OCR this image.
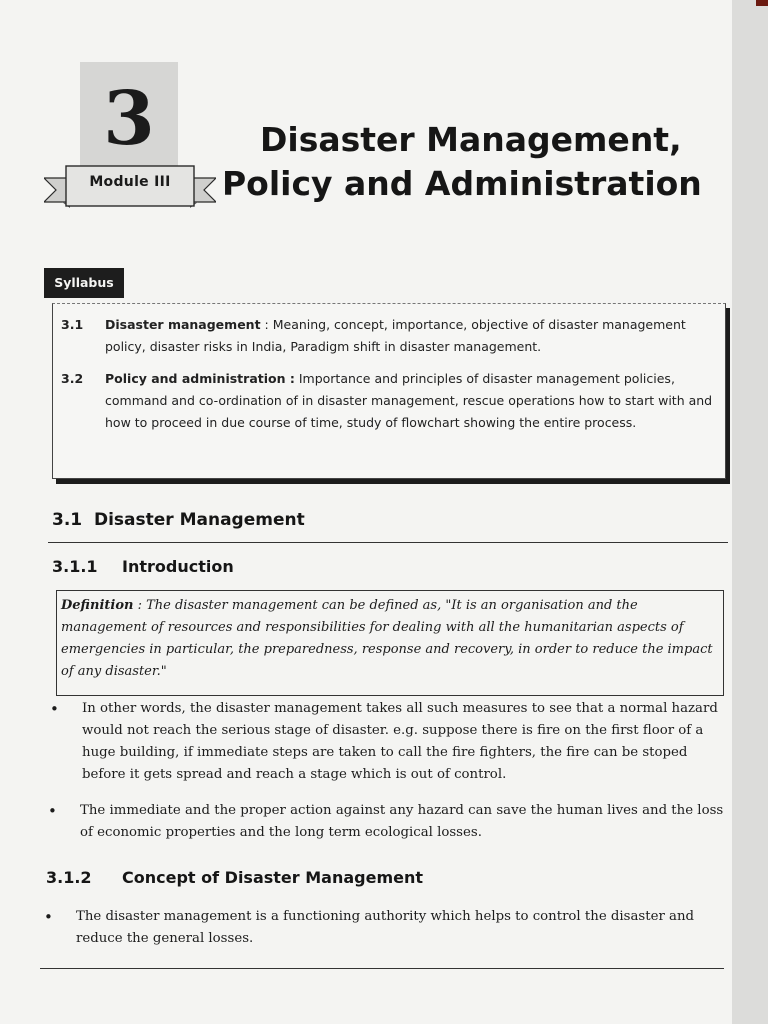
3
Module III
Disaster Management,
Policy and Administration
Syllabus
3.1 Disaster management : Meaning, concept, importance, objective of disaster management policy, disaster risks in India, Paradigm shift in disaster management.
3.2 Policy and administration : Importance and principles of disaster management policies, command and co-ordination of in disaster management, rescue operations how to start with and how to proceed in due course of time, study of flowchart showing the entire process.
3.1 Disaster Management
3.1.1 Introduction
Definition : The disaster management can be defined as, "It is an organisation and the management of resources and responsibilities for dealing with all the humanitarian aspects of emergencies in particular, the preparedness, response and recovery, in order to reduce the impact of any disaster."
• In other words, the disaster management takes all such measures to see that a normal hazard would not reach the serious stage of disaster. e.g. suppose there is fire on the first floor of a huge building, if immediate steps are taken to call the fire fighters, the fire can be stoped before it gets spread and reach a stage which is out of control.
• The immediate and the proper action against any hazard can save the human lives and the loss of economic properties and the long term ecological losses.
3.1.2 Concept of Disaster Management
• The disaster management is a functioning authority which helps to control the disaster and reduce the general losses.
